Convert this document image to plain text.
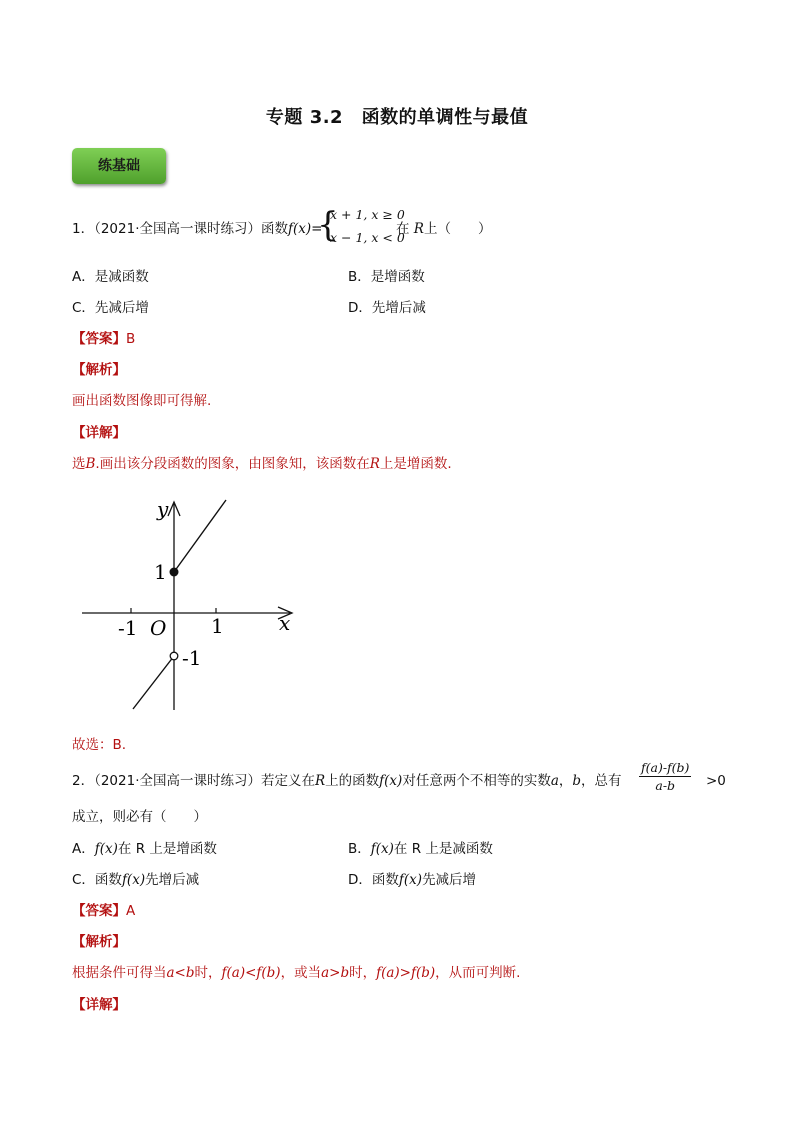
专题 3.2　函数的单调性与最值
练基础
1．（2021·全国高一课时练习）函数f(x)=
{
x + 1, x ≥ 0
x − 1, x < 0
在 R上（　　）
A．是减函数	B．是增函数
C．先减后增	D．先增后减
【答案】B
【解析】
画出函数图像即可得解.
【详解】
选B.画出该分段函数的图象，由图象知，该函数在R上是增函数.
y
x
O
-1	1
1
-1
故选：B.
2．（2021·全国高一课时练习）若定义在R上的函数f(x)对任意两个不相等的实数a，b，总有 $\frac{f(a)-f(b)}{a-b} >0$
成立，则必有（　　）
A．f(x)在 R 上是增函数	B．f(x)在 R 上是减函数
C．函数f(x)先增后减	D．函数f(x)先减后增
【答案】A
【解析】
根据条件可得当a<b时，f(a)<f(b)，或当a>b时，f(a)>f(b)，从而可判断.
【详解】
